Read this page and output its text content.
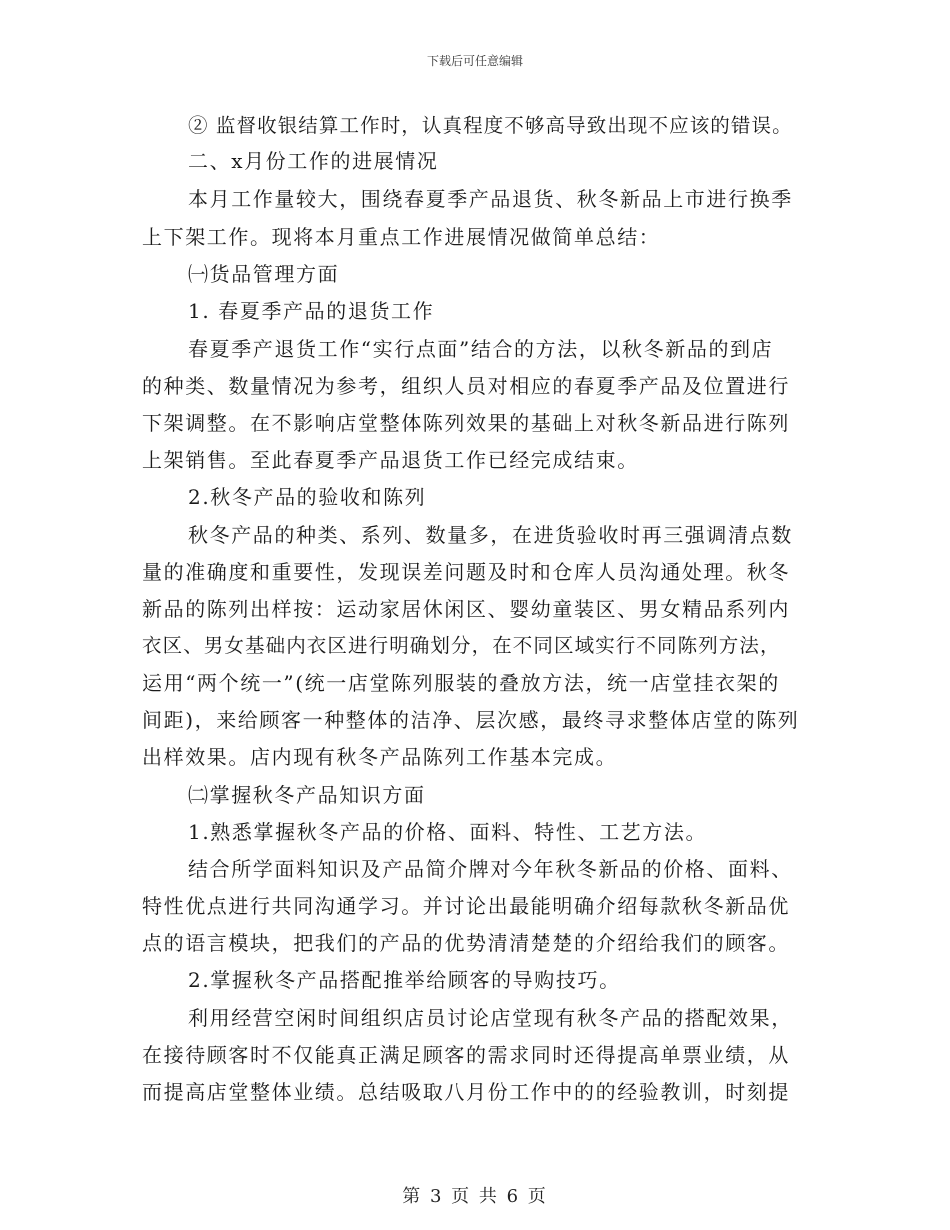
下载后可任意编辑
② 监督收银结算工作时，认真程度不够高导致出现不应该的错误。
二、x月份工作的进展情况
本月工作量较大，围绕春夏季产品退货、秋冬新品上市进行换季
上下架工作。现将本月重点工作进展情况做简单总结：
㈠货品管理方面
1. 春夏季产品的退货工作
春夏季产退货工作“实行点面”结合的方法，以秋冬新品的到店
的种类、数量情况为参考，组织人员对相应的春夏季产品及位置进行
下架调整。在不影响店堂整体陈列效果的基础上对秋冬新品进行陈列
上架销售。至此春夏季产品退货工作已经完成结束。
2.秋冬产品的验收和陈列
秋冬产品的种类、系列、数量多，在进货验收时再三强调清点数
量的准确度和重要性，发现误差问题及时和仓库人员沟通处理。秋冬
新品的陈列出样按：运动家居休闲区、婴幼童装区、男女精品系列内
衣区、男女基础内衣区进行明确划分，在不同区域实行不同陈列方法，
运用“两个统一”(统一店堂陈列服装的叠放方法，统一店堂挂衣架的
间距)，来给顾客一种整体的洁净、层次感，最终寻求整体店堂的陈列
出样效果。店内现有秋冬产品陈列工作基本完成。
㈡掌握秋冬产品知识方面
1.熟悉掌握秋冬产品的价格、面料、特性、工艺方法。
结合所学面料知识及产品简介牌对今年秋冬新品的价格、面料、
特性优点进行共同沟通学习。并讨论出最能明确介绍每款秋冬新品优
点的语言模块，把我们的产品的优势清清楚楚的介绍给我们的顾客。
2.掌握秋冬产品搭配推举给顾客的导购技巧。
利用经营空闲时间组织店员讨论店堂现有秋冬产品的搭配效果，
在接待顾客时不仅能真正满足顾客的需求同时还得提高单票业绩，从
而提高店堂整体业绩。总结吸取八月份工作中的的经验教训，时刻提
第 3 页 共 6 页
